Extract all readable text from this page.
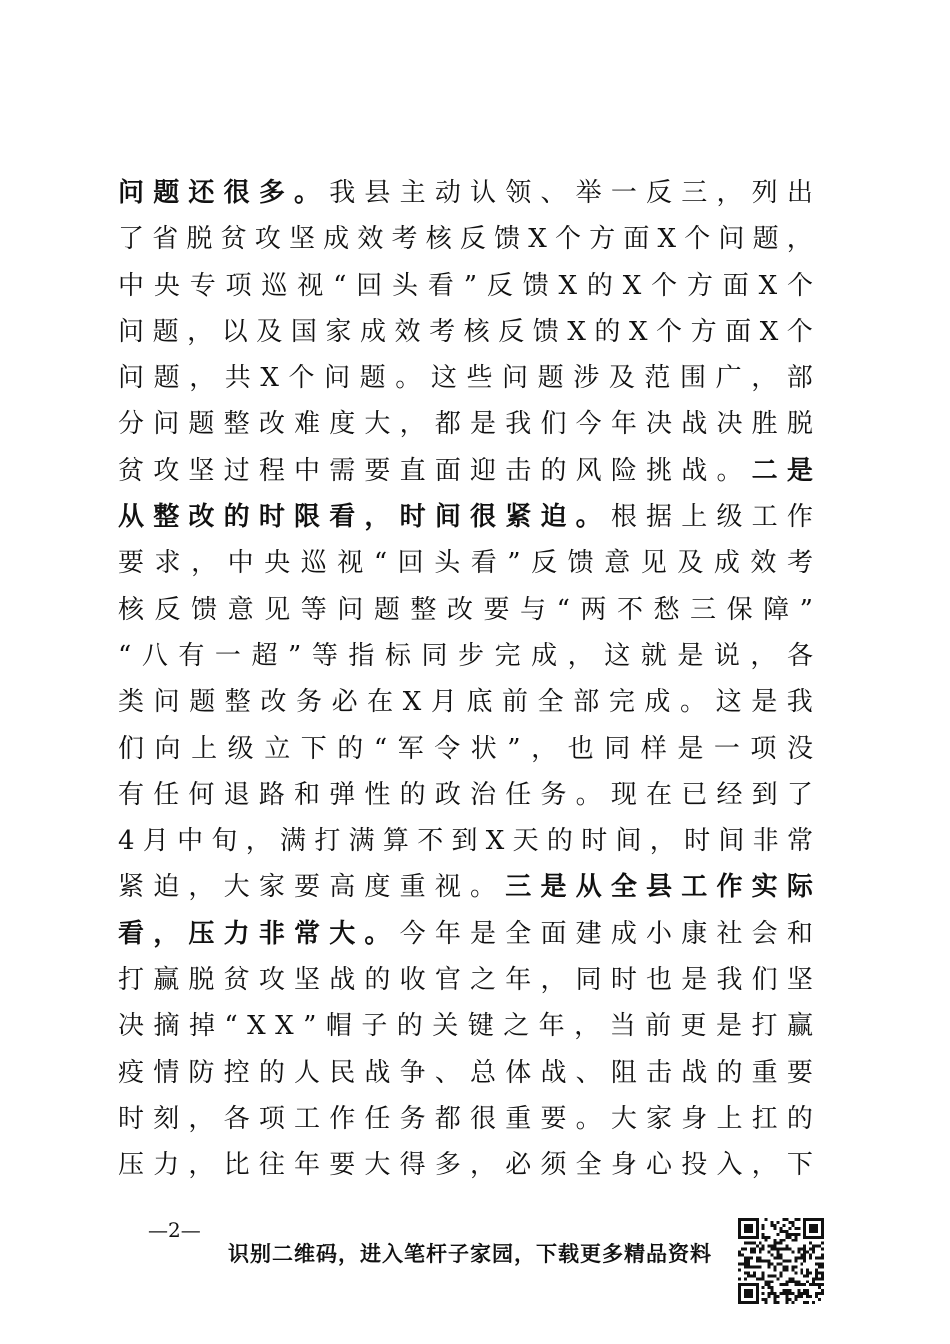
问 题 还 很 多 。 我 县 主 动 认 领 、 举 一 反 三 ， 列 出
了 省 脱 贫 攻 坚 成 效 考 核 反 馈 X 个 方 面 X 个 问 题 ，
中 央 专 项 巡 视 “ 回 头 看 ” 反 馈 X 的 X 个 方 面 X 个
问 题 ， 以 及 国 家 成 效 考 核 反 馈 X 的 X 个 方 面 X 个
问 题 ， 共 X 个 问 题 。 这 些 问 题 涉 及 范 围 广 ， 部
分 问 题 整 改 难 度 大 ， 都 是 我 们 今 年 决 战 决 胜 脱
贫 攻 坚 过 程 中 需 要 直 面 迎 击 的 风 险 挑 战 。 二 是
从 整 改 的 时 限 看 ， 时 间 很 紧 迫 。 根 据 上 级 工 作
要 求 ， 中 央 巡 视 “ 回 头 看 ” 反 馈 意 见 及 成 效 考
核 反 馈 意 见 等 问 题 整 改 要 与 “ 两 不 愁 三 保 障 ”
“ 八 有 一 超 ” 等 指 标 同 步 完 成 ， 这 就 是 说 ， 各
类 问 题 整 改 务 必 在 X 月 底 前 全 部 完 成 。 这 是 我
们 向 上 级 立 下 的 “ 军 令 状 ” ， 也 同 样 是 一 项 没
有 任 何 退 路 和 弹 性 的 政 治 任 务 。 现 在 已 经 到 了
4 月 中 旬 ， 满 打 满 算 不 到 X 天 的 时 间 ， 时 间 非 常
紧 迫 ， 大 家 要 高 度 重 视 。 三 是 从 全 县 工 作 实 际
看 ， 压 力 非 常 大 。 今 年 是 全 面 建 成 小 康 社 会 和
打 赢 脱 贫 攻 坚 战 的 收 官 之 年 ， 同 时 也 是 我 们 坚
决 摘 掉 “ X X ” 帽 子 的 关 键 之 年 ， 当 前 更 是 打 赢
疫 情 防 控 的 人 民 战 争 、 总 体 战 、 阻 击 战 的 重 要
时 刻 ， 各 项 工 作 任 务 都 很 重 要 。 大 家 身 上 扛 的
压 力 ， 比 往 年 要 大 得 多 ， 必 须 全 身 心 投 入 ， 下
—2—
识别二维码，进入笔杆子家园，下载更多精品资料
